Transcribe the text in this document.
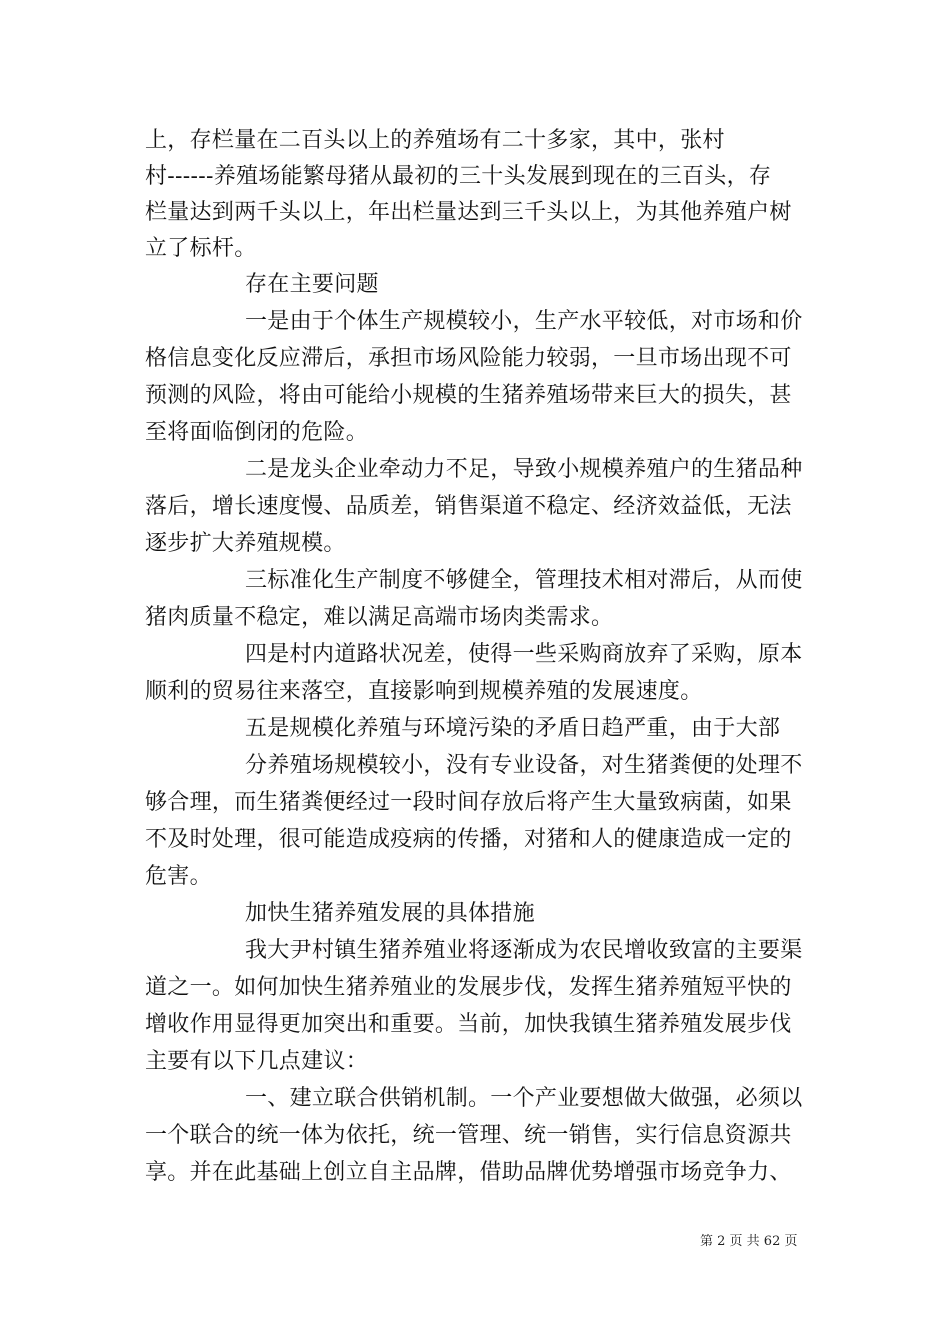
上，存栏量在二百头以上的养殖场有二十多家，其中，张村
村------养殖场能繁母猪从最初的三十头发展到现在的三百头，存
栏量达到两千头以上，年出栏量达到三千头以上，为其他养殖户树
立了标杆。
存在主要问题
一是由于个体生产规模较小，生产水平较低，对市场和价
格信息变化反应滞后，承担市场风险能力较弱，一旦市场出现不可
预测的风险，将由可能给小规模的生猪养殖场带来巨大的损失，甚
至将面临倒闭的危险。
二是龙头企业牵动力不足，导致小规模养殖户的生猪品种
落后，增长速度慢、品质差，销售渠道不稳定、经济效益低，无法
逐步扩大养殖规模。
三标准化生产制度不够健全，管理技术相对滞后，从而使
猪肉质量不稳定，难以满足高端市场肉类需求。
四是村内道路状况差，使得一些采购商放弃了采购，原本
顺利的贸易往来落空，直接影响到规模养殖的发展速度。
五是规模化养殖与环境污染的矛盾日趋严重，由于大部
分养殖场规模较小，没有专业设备，对生猪粪便的处理不
够合理，而生猪粪便经过一段时间存放后将产生大量致病菌，如果
不及时处理，很可能造成疫病的传播，对猪和人的健康造成一定的
危害。
加快生猪养殖发展的具体措施
我大尹村镇生猪养殖业将逐渐成为农民增收致富的主要渠
道之一。如何加快生猪养殖业的发展步伐，发挥生猪养殖短平快的
增收作用显得更加突出和重要。当前，加快我镇生猪养殖发展步伐
主要有以下几点建议：
一、建立联合供销机制。一个产业要想做大做强，必须以
一个联合的统一体为依托，统一管理、统一销售，实行信息资源共
享。并在此基础上创立自主品牌，借助品牌优势增强市场竞争力、
第 2 页 共 62 页
